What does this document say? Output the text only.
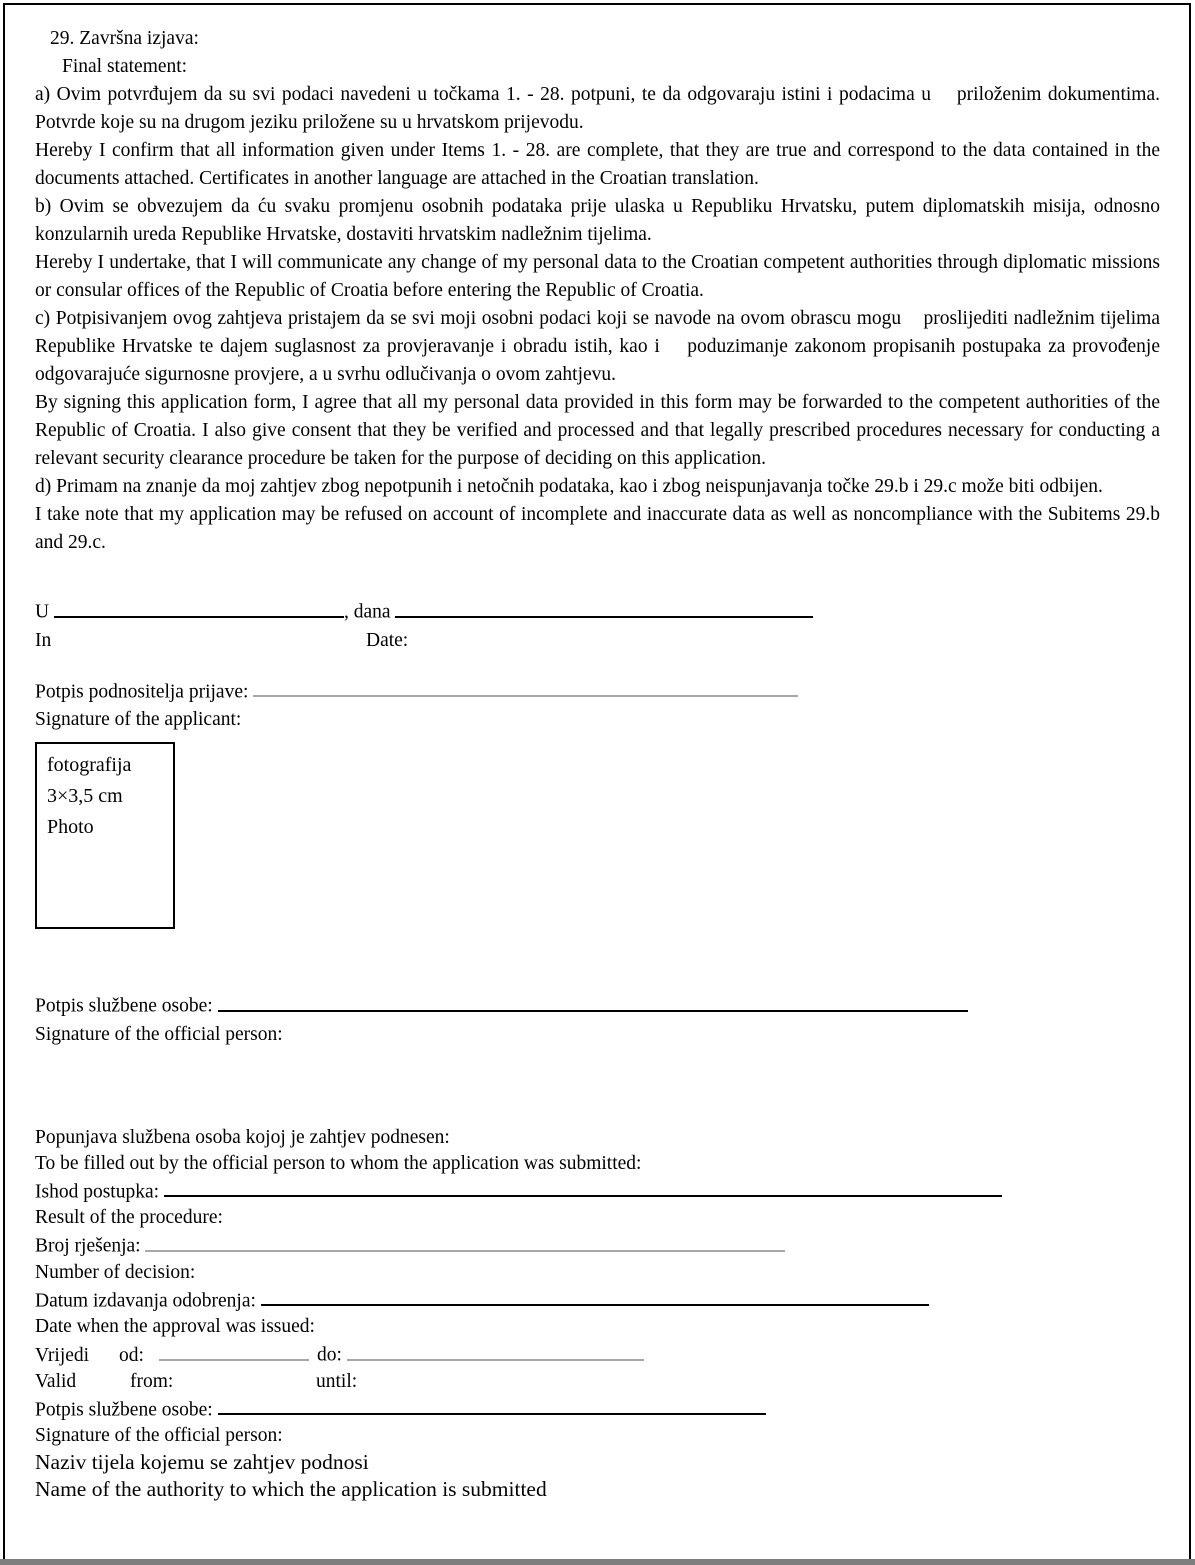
29. Završna izjava:

Final statement:

a) Ovim potvrđujem da su svi podaci navedeni u točkama 1. - 28. potpuni, te da odgovaraju istini i podacima u    priloženim dokumentima. Potvrde koje su na drugom jeziku priložene su u hrvatskom prijevodu.

Hereby I confirm that all information given under Items 1. - 28. are complete, that they are true and correspond to the data contained in the documents attached. Certificates in another language are attached in the Croatian translation.

b) Ovim se obvezujem da ću svaku promjenu osobnih podataka prije ulaska u Republiku Hrvatsku, putem diplomatskih misija, odnosno konzularnih ureda Republike Hrvatske, dostaviti hrvatskim nadležnim tijelima.

Hereby I undertake, that I will communicate any change of my personal data to the Croatian competent authorities through diplomatic missions or consular offices of the Republic of Croatia before entering the Republic of Croatia.

c) Potpisivanjem ovog zahtjeva pristajem da se svi moji osobni podaci koji se navode na ovom obrascu mogu    proslijediti nadležnim tijelima Republike Hrvatske te dajem suglasnost za provjeravanje i obradu istih, kao i    poduzimanje zakonom propisanih postupaka za provođenje odgovarajuće sigurnosne provjere, a u svrhu odlučivanja o ovom zahtjevu.

By signing this application form, I agree that all my personal data provided in this form may be forwarded to the competent authorities of the Republic of Croatia. I also give consent that they be verified and processed and that legally prescribed procedures necessary for conducting a relevant security clearance procedure be taken for the purpose of deciding on this application.

d) Primam na znanje da moj zahtjev zbog nepotpunih i netočnih podataka, kao i zbog neispunjavanja točke 29.b i 29.c može biti odbijen.

I take note that my application may be refused on account of incomplete and inaccurate data as well as noncompliance with the Subitems 29.b and 29.c.

U	, dana

In	Date:

Potpis podnositelja prijave:

Signature of the applicant:

fotografija

3×3,5 cm

Photo

Potpis službene osobe:

Signature of the official person:

Popunjava služb​ena osoba kojoj je zahtjev podnesen:

To be filled out by the official person to whom the application was submitted:

Ishod postupka:

Result of the procedure:

Broj rješenja:

Number of decision:

Datum izdavanja odobrenja:

Date when the approval was issued:

Vrijedi od:	do:

Valid	from:	until:

Potpis službene osobe:

Signature of the official person:

Naziv tijela kojemu se zahtjev podnosi

Name of the authority to which the application is submitted
